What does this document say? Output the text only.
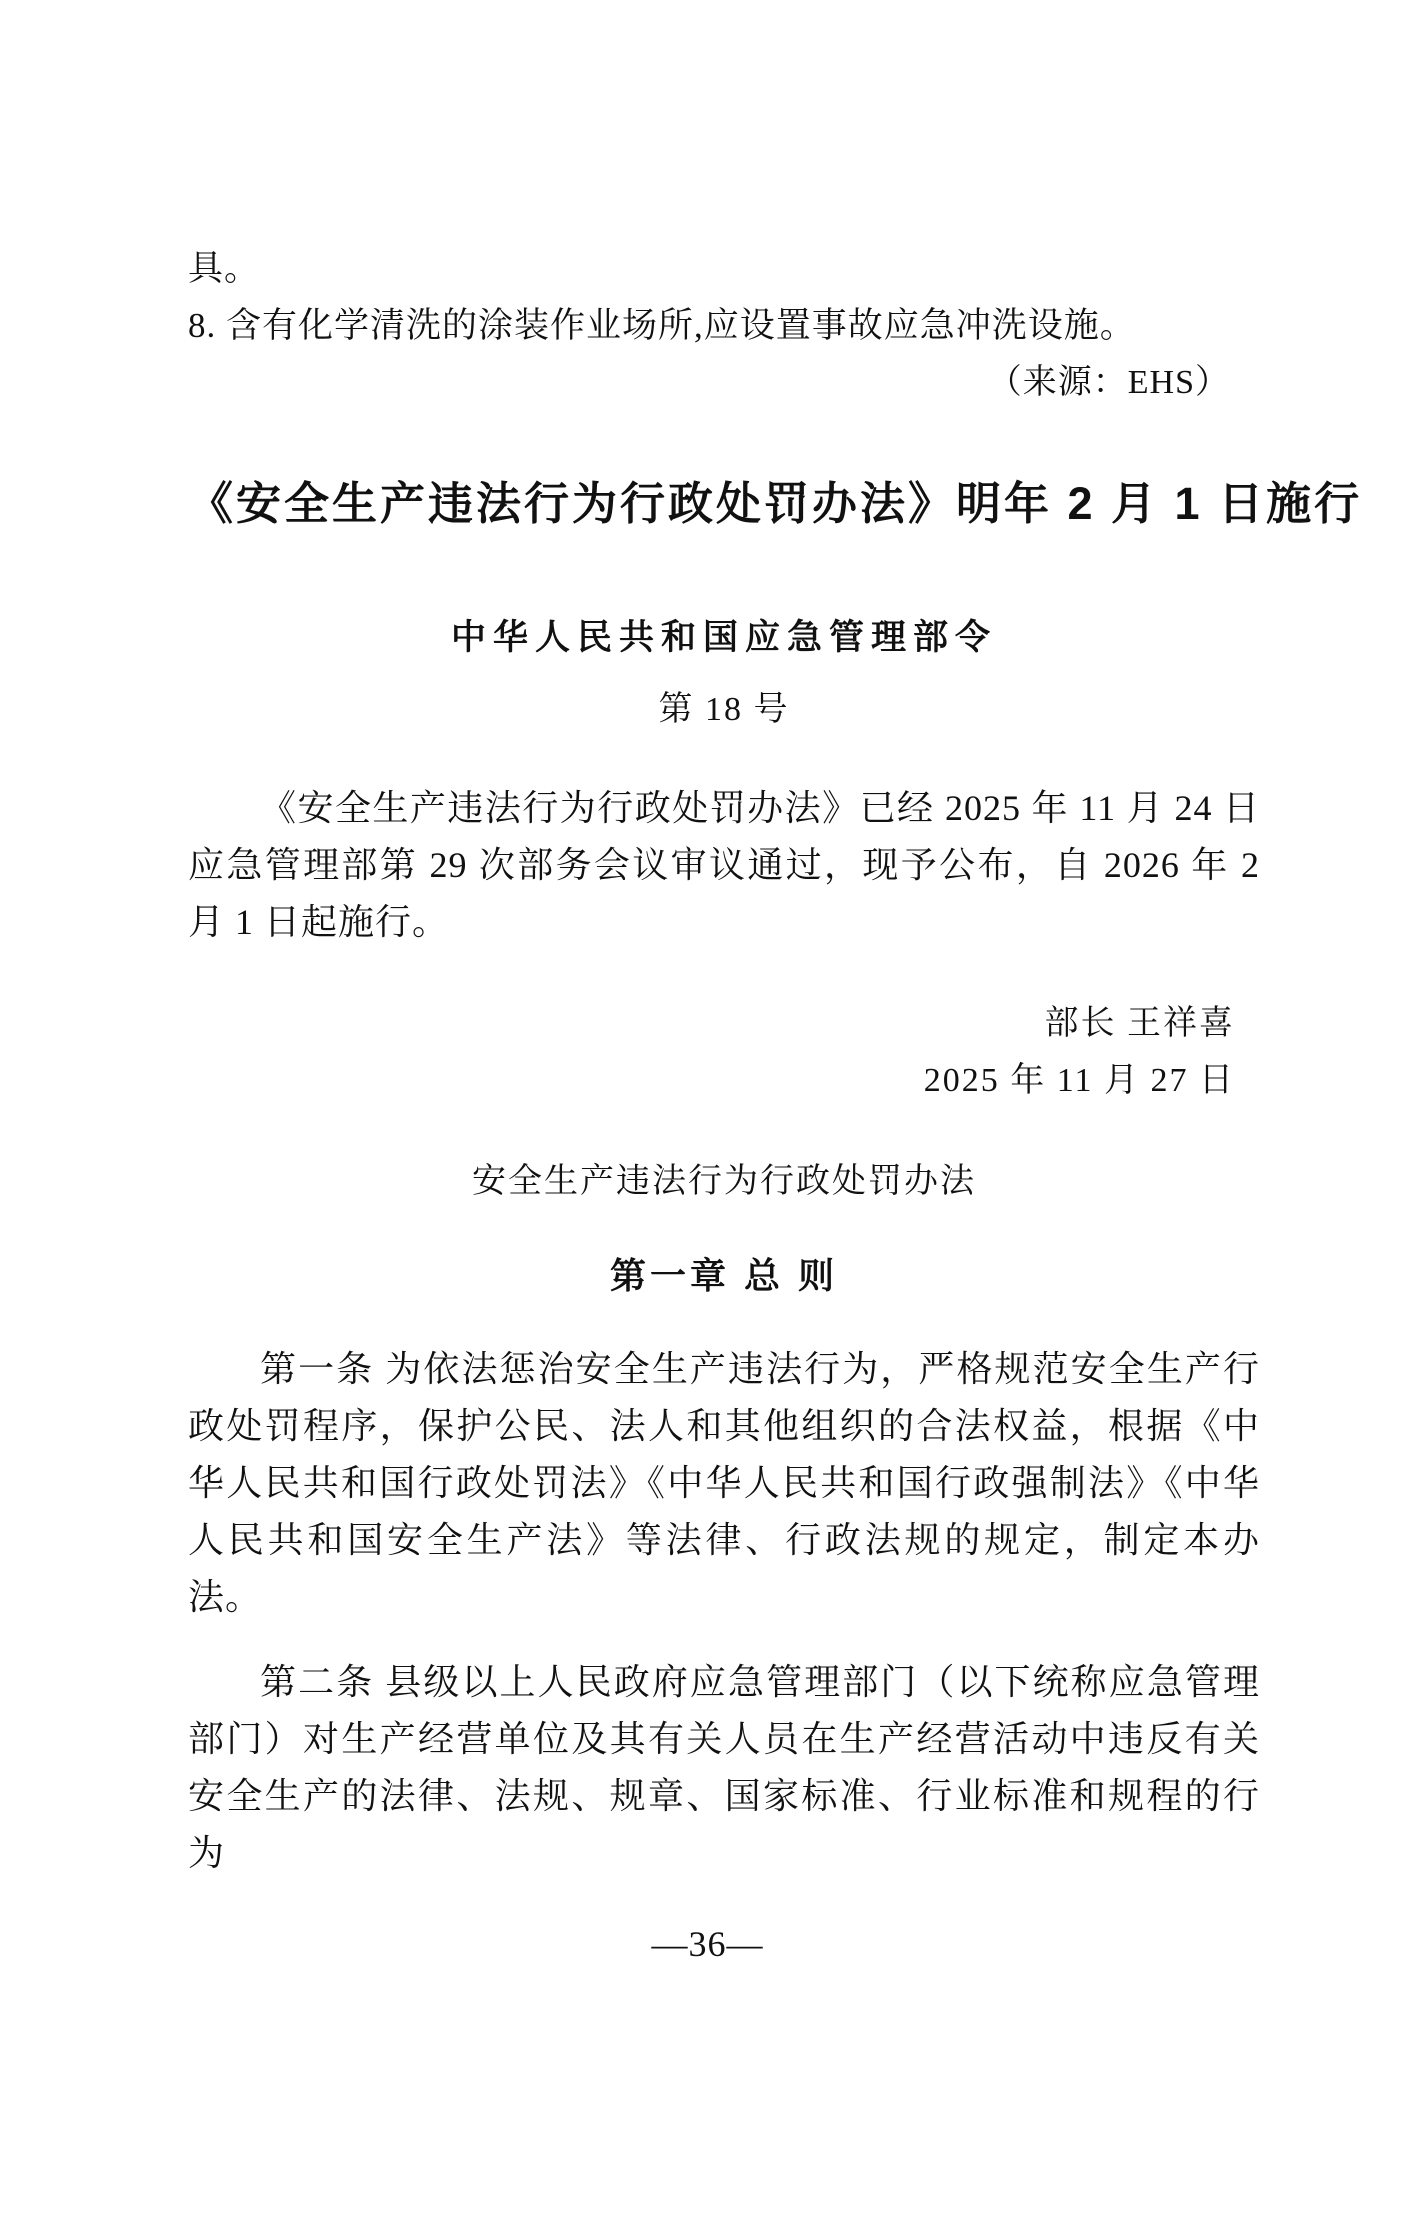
具。

8. 含有化学清洗的涂装作业场所,应设置事故应急冲洗设施。

（来源：EHS）

《安全生产违法行为行政处罚办法》明年 2 月 1 日施行
中华人民共和国应急管理部令

第 18 号

《安全生产违法行为行政处罚办法》已经 2025 年 11 月 24 日应急管理部第 29 次部务会议审议通过，现予公布，自 2026 年 2 月 1 日起施行。

部长 王祥喜

2025 年 11 月 27 日

安全生产违法行为行政处罚办法
第一章 总 则

第一条 为依法惩治安全生产违法行为，严格规范安全生产行政处罚程序，保护公民、法人和其他组织的合法权益，根据《中华人民共和国行政处罚法》《中华人民共和国行政强制法》《中华人民共和国安全生产法》等法律、行政法规的规定，制定本办法。

第二条 县级以上人民政府应急管理部门（以下统称应急管理部门）对生产经营单位及其有关人员在生产经营活动中违反有关安全生产的法律、法规、规章、国家标准、行业标准和规程的行为

—36—
